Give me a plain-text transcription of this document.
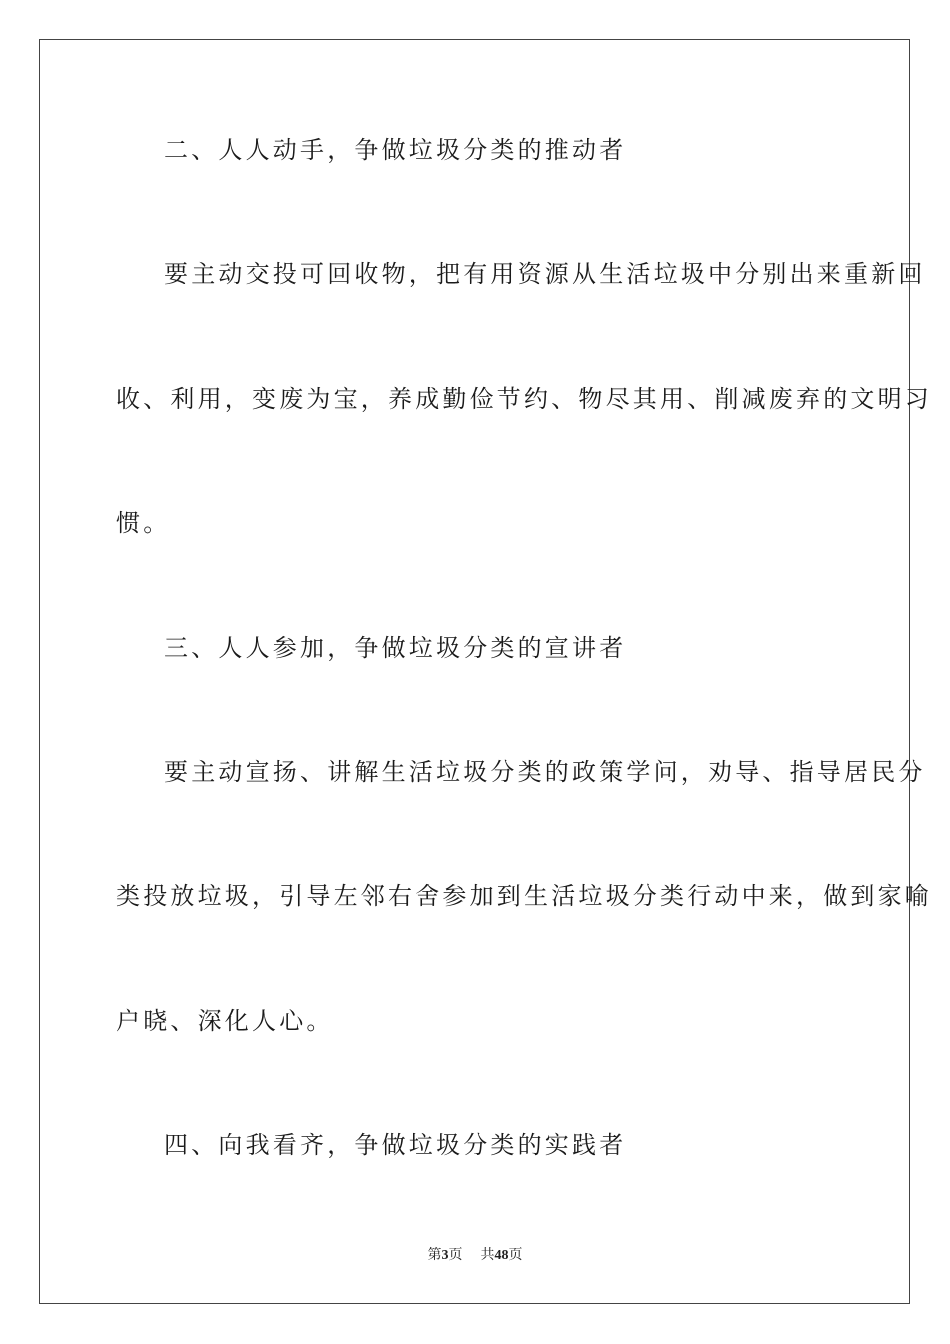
二、人人动手，争做垃圾分类的推动者
要主动交投可回收物，把有用资源从生活垃圾中分别出来重新回
收、利用，变废为宝，养成勤俭节约、物尽其用、削减废弃的文明习
惯。
三、人人参加，争做垃圾分类的宣讲者
要主动宣扬、讲解生活垃圾分类的政策学问，劝导、指导居民分
类投放垃圾，引导左邻右舍参加到生活垃圾分类行动中来，做到家喻
户晓、深化人心。
四、向我看齐，争做垃圾分类的实践者
第3页 共48页
